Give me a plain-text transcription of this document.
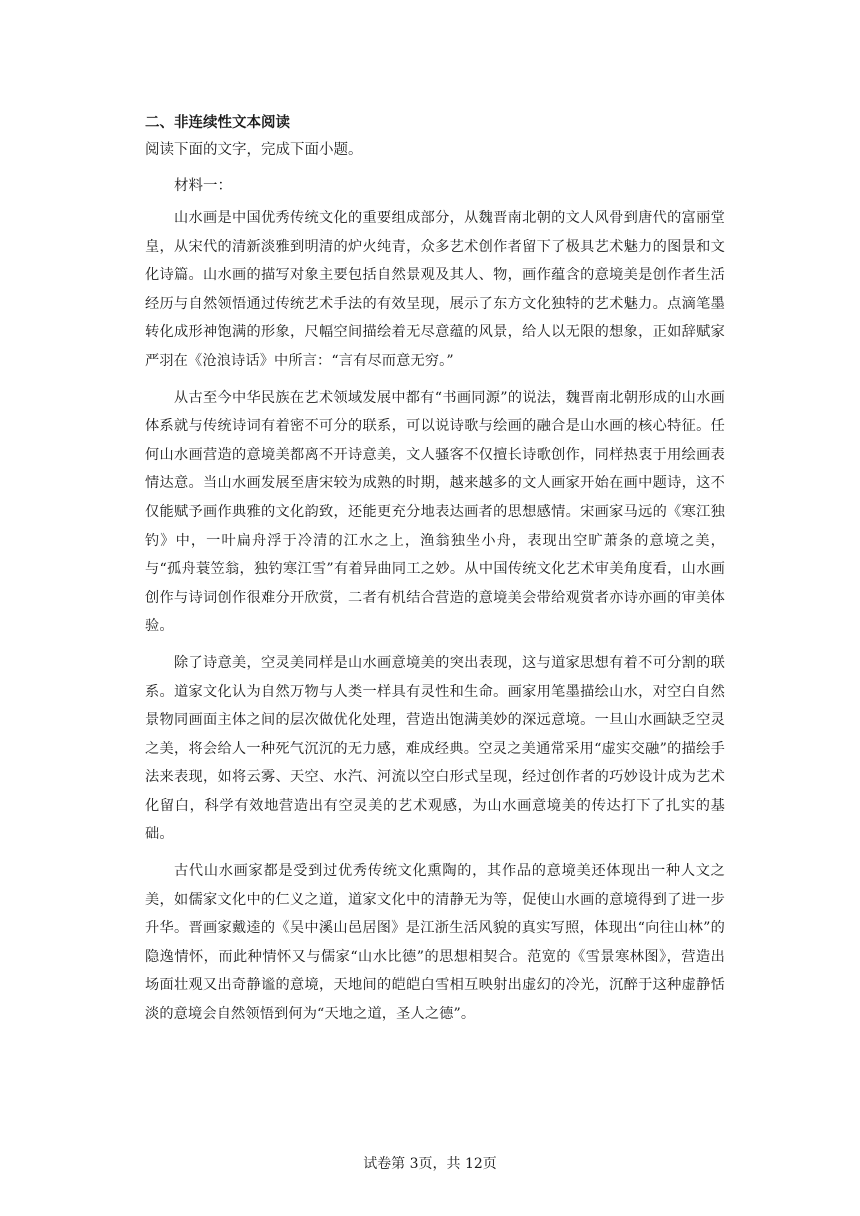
二、非连续性文本阅读

阅读下面的文字，完成下面小题。

材料一：

山水画是中国优秀传统文化的重要组成部分，从魏晋南北朝的文人风骨到唐代的富丽堂皇，从宋代的清新淡雅到明清的炉火纯青，众多艺术创作者留下了极具艺术魅力的图景和文化诗篇。山水画的描写对象主要包括自然景观及其人、物，画作蕴含的意境美是创作者生活经历与自然领悟通过传统艺术手法的有效呈现，展示了东方文化独特的艺术魅力。点滴笔墨转化成形神饱满的形象，尺幅空间描绘着无尽意蕴的风景，给人以无限的想象，正如辞赋家严羽在《沧浪诗话》中所言：“言有尽而意无穷。”

从古至今中华民族在艺术领域发展中都有“书画同源”的说法，魏晋南北朝形成的山水画体系就与传统诗词有着密不可分的联系，可以说诗歌与绘画的融合是山水画的核心特征。任何山水画营造的意境美都离不开诗意美，文人骚客不仅擅长诗歌创作，同样热衷于用绘画表情达意。当山水画发展至唐宋较为成熟的时期，越来越多的文人画家开始在画中题诗，这不仅能赋予画作典雅的文化韵致，还能更充分地表达画者的思想感情。宋画家马远的《寒江独钓》中，一叶扁舟浮于冷清的江水之上，渔翁独坐小舟，表现出空旷萧条的意境之美，与“孤舟蓑笠翁，独钓寒江雪”有着异曲同工之妙。从中国传统文化艺术审美角度看，山水画创作与诗词创作很难分开欣赏，二者有机结合营造的意境美会带给观赏者亦诗亦画的审美体验。

除了诗意美，空灵美同样是山水画意境美的突出表现，这与道家思想有着不可分割的联系。道家文化认为自然万物与人类一样具有灵性和生命。画家用笔墨描绘山水，对空白自然景物同画面主体之间的层次做优化处理，营造出饱满美妙的深远意境。一旦山水画缺乏空灵之美，将会给人一种死气沉沉的无力感，难成经典。空灵之美通常采用“虚实交融”的描绘手法来表现，如将云雾、天空、水汽、河流以空白形式呈现，经过创作者的巧妙设计成为艺术化留白，科学有效地营造出有空灵美的艺术观感，为山水画意境美的传达打下了扎实的基础。

古代山水画家都是受到过优秀传统文化熏陶的，其作品的意境美还体现出一种人文之美，如儒家文化中的仁义之道，道家文化中的清静无为等，促使山水画的意境得到了进一步升华。晋画家戴逵的《吴中溪山邑居图》是江浙生活风貌的真实写照，体现出“向往山林”的隐逸情怀，而此种情怀又与儒家“山水比德”的思想相契合。范宽的《雪景寒林图》，营造出场面壮观又出奇静谧的意境，天地间的皑皑白雪相互映射出虚幻的冷光，沉醉于这种虚静恬淡的意境会自然领悟到何为“天地之道，圣人之德”。

试卷第 3页，共 12页
